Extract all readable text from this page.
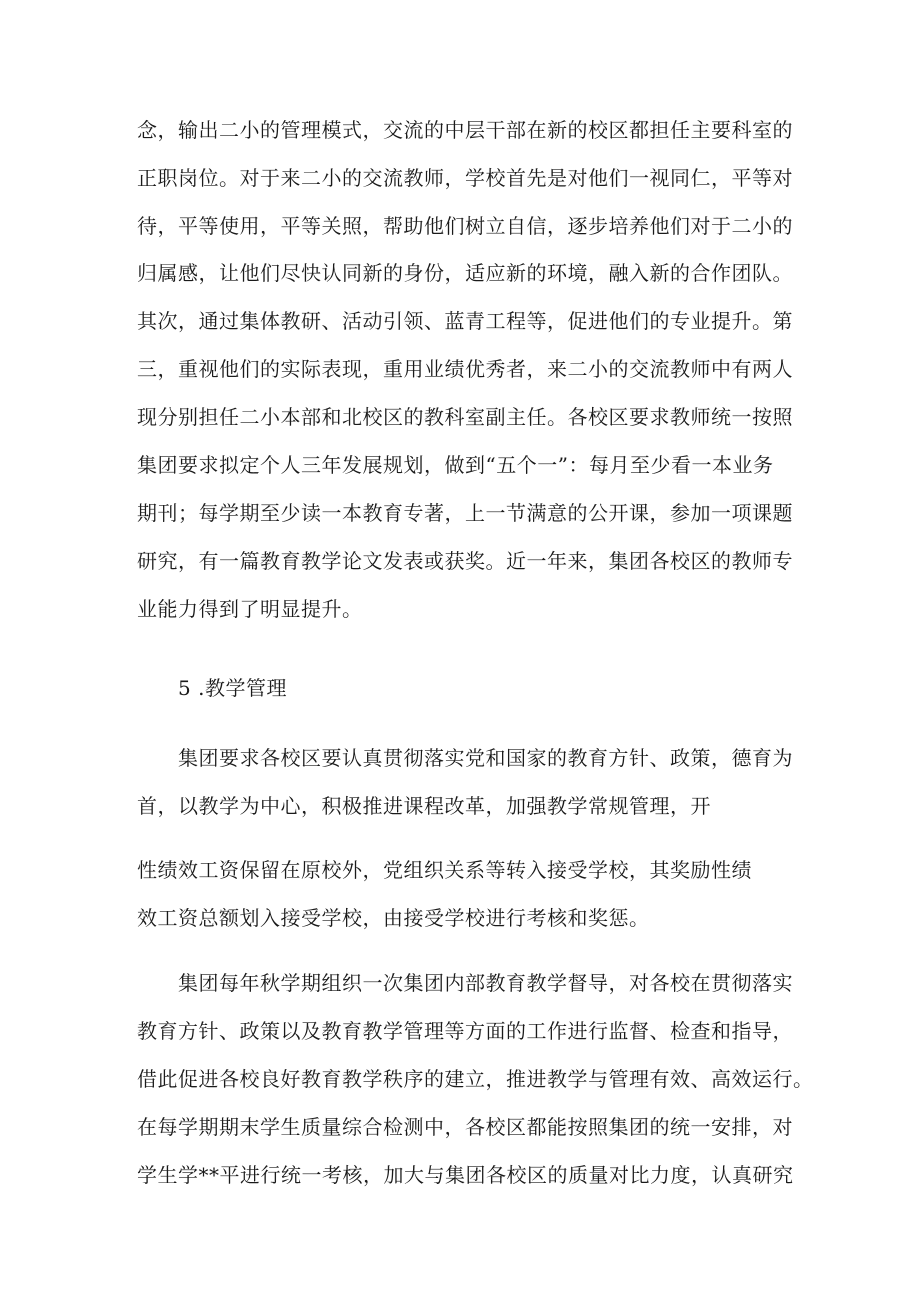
念，输出二小的管理模式，交流的中层干部在新的校区都担任主要科室的
正职岗位。对于来二小的交流教师，学校首先是对他们一视同仁，平等对
待，平等使用，平等关照，帮助他们树立自信，逐步培养他们对于二小的
归属感，让他们尽快认同新的身份，适应新的环境，融入新的合作团队。
其次，通过集体教研、活动引领、蓝青工程等，促进他们的专业提升。第
三，重视他们的实际表现，重用业绩优秀者，来二小的交流教师中有两人
现分别担任二小本部和北校区的教科室副主任。各校区要求教师统一按照
集团要求拟定个人三年发展规划，做到“五个一”：每月至少看一本业务
期刊；每学期至少读一本教育专著，上一节满意的公开课，参加一项课题
研究，有一篇教育教学论文发表或获奖。近一年来，集团各校区的教师专
业能力得到了明显提升。
5 .教学管理
集团要求各校区要认真贯彻落实党和国家的教育方针、政策，德育为
首，以教学为中心，积极推进课程改革，加强教学常规管理，开
性绩效工资保留在原校外，党组织关系等转入接受学校，其奖励性绩
效工资总额划入接受学校，由接受学校进行考核和奖惩。
集团每年秋学期组织一次集团内部教育教学督导，对各校在贯彻落实
教育方针、政策以及教育教学管理等方面的工作进行监督、检查和指导，
借此促进各校良好教育教学秩序的建立，推进教学与管理有效、高效运行。
在每学期期末学生质量综合检测中，各校区都能按照集团的统一安排，对
学生学**平进行统一考核，加大与集团各校区的质量对比力度，认真研究
